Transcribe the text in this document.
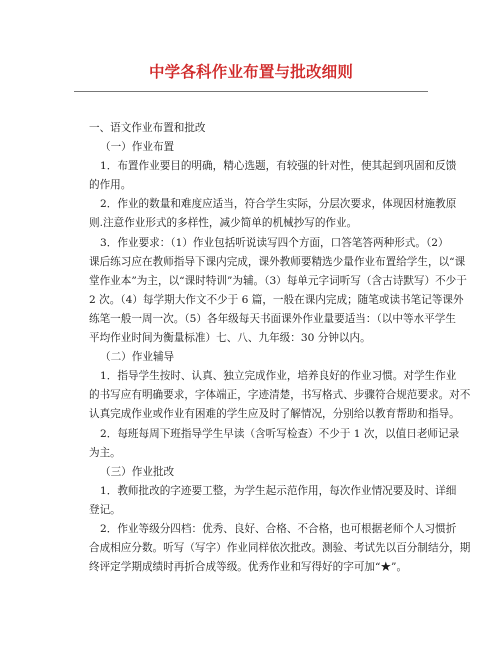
中学各科作业布置与批改细则
一、语文作业布置和批改
（一）作业布置
1．布置作业要目的明确，精心选题，有较强的针对性，使其起到巩固和反馈
的作用。
2．作业的数量和难度应适当，符合学生实际，分层次要求，体现因材施教原
则.注意作业形式的多样性，减少简单的机械抄写的作业。
3．作业要求：（1）作业包括听说读写四个方面，口答笔答两种形式。（2）
课后练习应在教师指导下课内完成，课外教师要精选少量作业布置给学生，以“课
堂作业本”为主，以“课时特训”为辅。（3）每单元字词听写（含古诗默写）不少于
2 次。（4）每学期大作文不少于 6 篇，一般在课内完成；随笔或读书笔记等课外
练笔一般一周一次。（5）各年级每天书面课外作业量要适当：（以中等水平学生
平均作业时间为衡量标准）七、八、九年级：30 分钟以内。
（二）作业辅导
1．指导学生按时、认真、独立完成作业，培养良好的作业习惯。对学生作业
的书写应有明确要求，字体端正，字迹清楚，书写格式、步骤符合规范要求。对不
认真完成作业或作业有困难的学生应及时了解情况，分别给以教育帮助和指导。
2．每班每周下班指导学生早读（含听写检查）不少于 1 次，以值日老师记录
为主。
（三）作业批改
1．教师批改的字迹要工整，为学生起示范作用，每次作业情况要及时、详细
登记。
2．作业等级分四档：优秀、良好、合格、不合格，也可根据老师个人习惯折
合成相应分数。听写（写字）作业同样依次批改。测验、考试先以百分制结分，期
终评定学期成绩时再折合成等级。优秀作业和写得好的字可加“★”。
